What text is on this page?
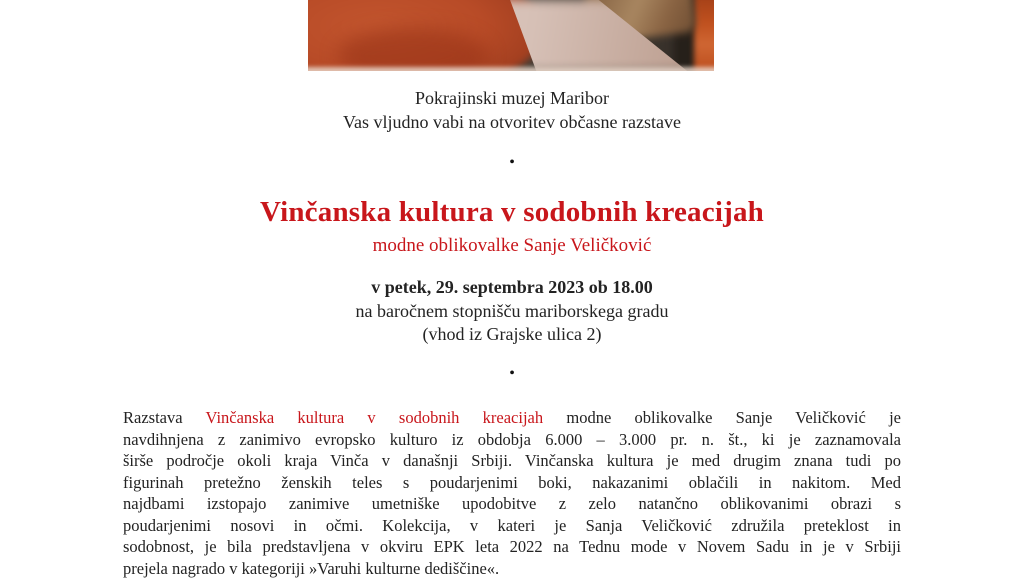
Pokrajinski muzej Maribor
Vas vljudno vabi na otvoritev občasne razstave
•
Vinčanska kultura v sodobnih kreacijah
modne oblikovalke Sanje Veličković
v petek, 29. septembra 2023 ob 18.00
na baročnem stopnišču mariborskega gradu
(vhod iz Grajske ulica 2)
•
Razstava Vinčanska kultura v sodobnih kreacijah modne oblikovalke Sanje Veličković je
navdihnjena z zanimivo evropsko kulturo iz obdobja 6.000 – 3.000 pr. n. št., ki je zaznamovala
širše področje okoli kraja Vinča v današnji Srbiji. Vinčanska kultura je med drugim znana tudi po
figurinah pretežno ženskih teles s poudarjenimi boki, nakazanimi oblačili in nakitom. Med
najdbami izstopajo zanimive umetniške upodobitve z zelo natančno oblikovanimi obrazi s
poudarjenimi nosovi in očmi. Kolekcija, v kateri je Sanja Veličković združila preteklost in
sodobnost, je bila predstavljena v okviru EPK leta 2022 na Tednu mode v Novem Sadu in je v Srbiji
prejela nagrado v kategoriji »Varuhi kulturne dediščine«.
